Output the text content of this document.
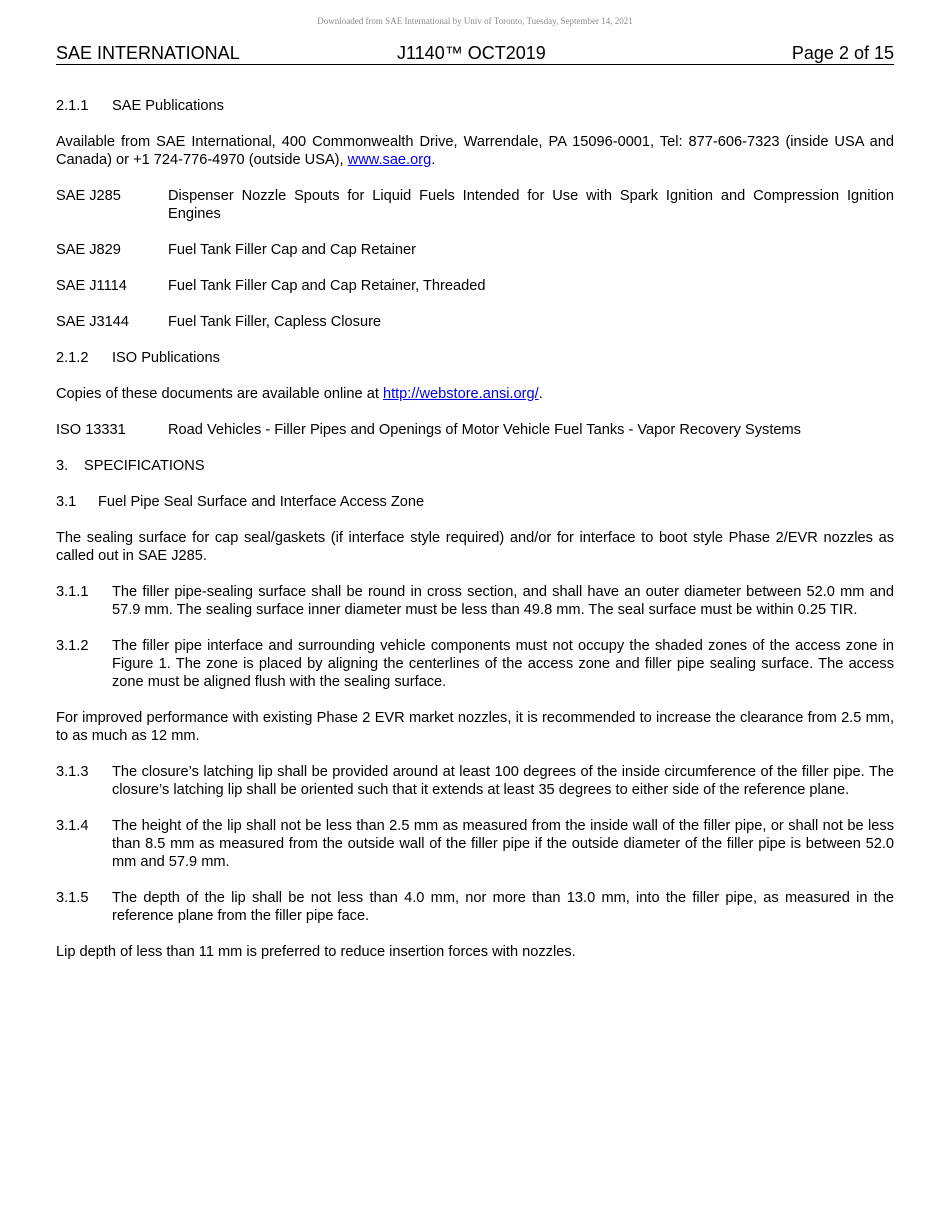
Downloaded from SAE International by Univ of Toronto, Tuesday, September 14, 2021
SAE INTERNATIONAL	J1140™ OCT2019	Page 2 of 15
2.1.1	SAE Publications
Available from SAE International, 400 Commonwealth Drive, Warrendale, PA 15096-0001, Tel: 877-606-7323 (inside USA and Canada) or +1 724-776-4970 (outside USA), www.sae.org.
SAE J285	Dispenser Nozzle Spouts for Liquid Fuels Intended for Use with Spark Ignition and Compression Ignition Engines
SAE J829	Fuel Tank Filler Cap and Cap Retainer
SAE J1114	Fuel Tank Filler Cap and Cap Retainer, Threaded
SAE J3144	Fuel Tank Filler, Capless Closure
2.1.2	ISO Publications
Copies of these documents are available online at http://webstore.ansi.org/.
ISO 13331	Road Vehicles - Filler Pipes and Openings of Motor Vehicle Fuel Tanks - Vapor Recovery Systems
3.	SPECIFICATIONS
3.1	Fuel Pipe Seal Surface and Interface Access Zone
The sealing surface for cap seal/gaskets (if interface style required) and/or for interface to boot style Phase 2/EVR nozzles as called out in SAE J285.
3.1.1	The filler pipe-sealing surface shall be round in cross section, and shall have an outer diameter between 52.0 mm and 57.9 mm. The sealing surface inner diameter must be less than 49.8 mm. The seal surface must be within 0.25 TIR.
3.1.2	The filler pipe interface and surrounding vehicle components must not occupy the shaded zones of the access zone in Figure 1. The zone is placed by aligning the centerlines of the access zone and filler pipe sealing surface. The access zone must be aligned flush with the sealing surface.
For improved performance with existing Phase 2 EVR market nozzles, it is recommended to increase the clearance from 2.5 mm, to as much as 12 mm.
3.1.3	The closure’s latching lip shall be provided around at least 100 degrees of the inside circumference of the filler pipe. The closure’s latching lip shall be oriented such that it extends at least 35 degrees to either side of the reference plane.
3.1.4	The height of the lip shall not be less than 2.5 mm as measured from the inside wall of the filler pipe, or shall not be less than 8.5 mm as measured from the outside wall of the filler pipe if the outside diameter of the filler pipe is between 52.0 mm and 57.9 mm.
3.1.5	The depth of the lip shall be not less than 4.0 mm, nor more than 13.0 mm, into the filler pipe, as measured in the reference plane from the filler pipe face.
Lip depth of less than 11 mm is preferred to reduce insertion forces with nozzles.
